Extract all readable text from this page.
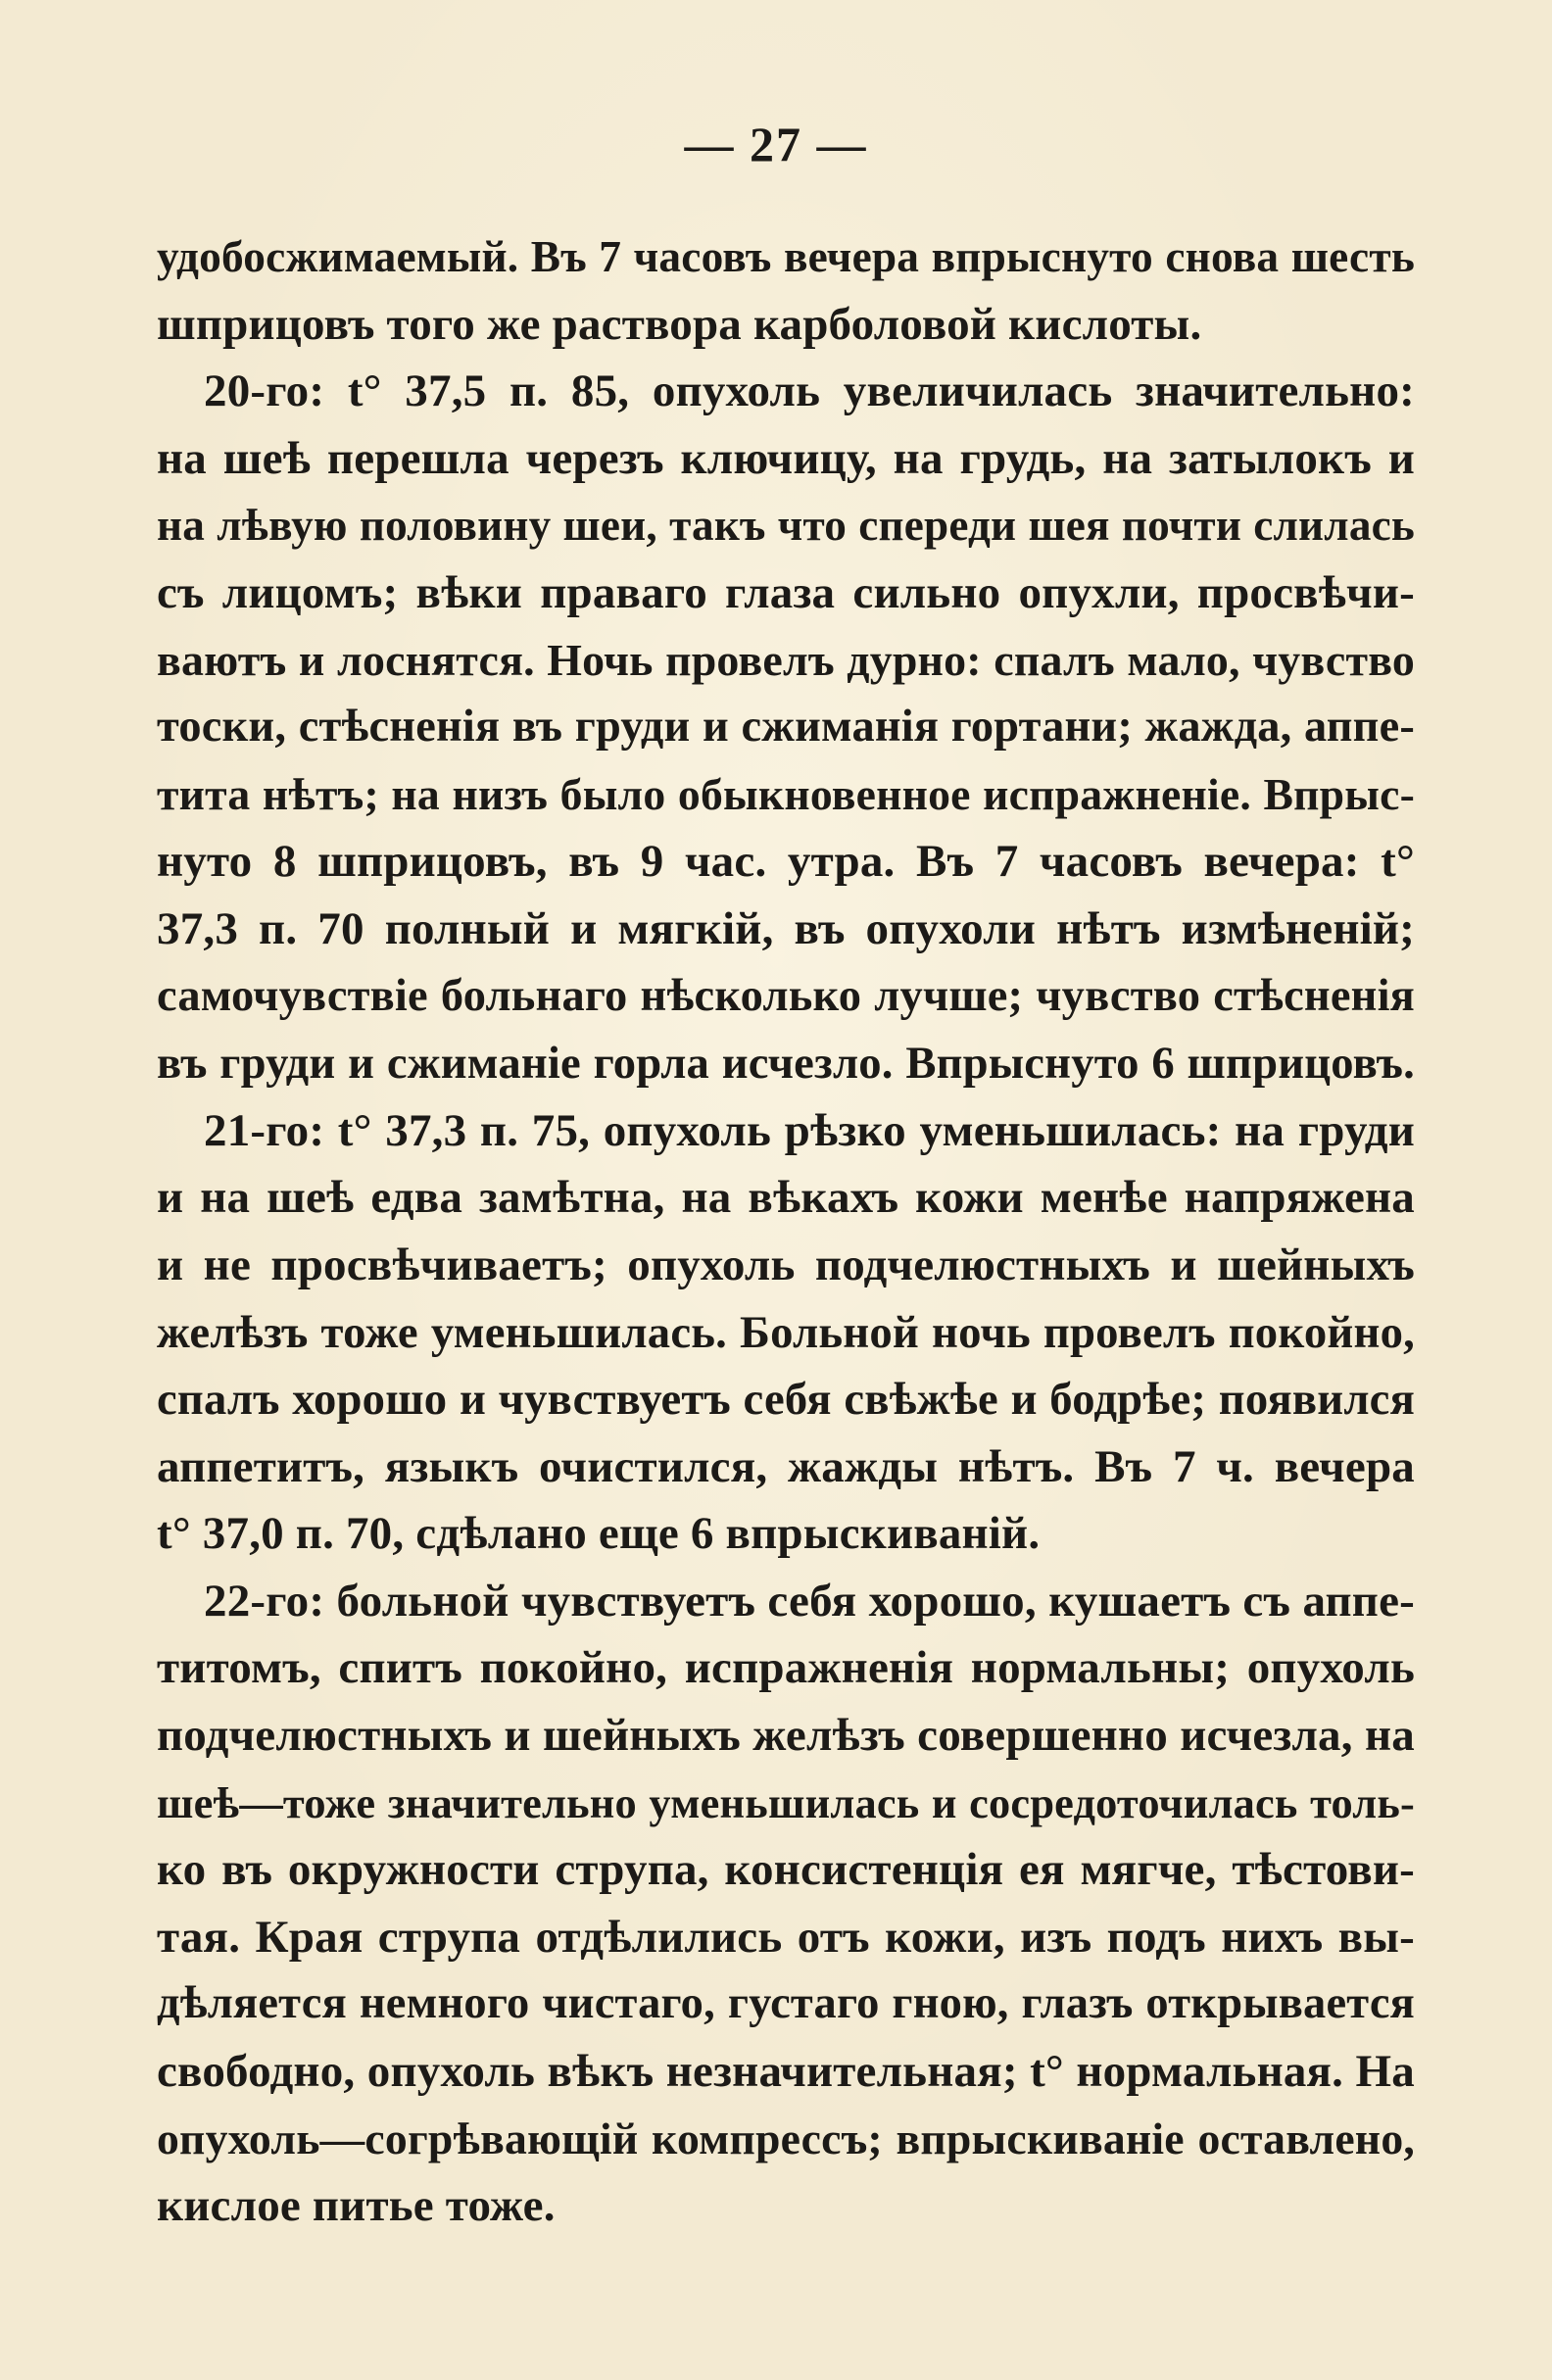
— 27 —
удобосжимаемый. Въ 7 часовъ вечера впрыснуто снова шесть
шприцовъ того же раствора карболовой кислоты.
20-го: t° 37,5 п. 85, опухоль увеличилась значительно:
на шеѣ перешла черезъ ключицу, на грудь, на затылокъ и
на лѣвую половину шеи, такъ что спереди шея почти слилась
съ лицомъ; вѣки праваго глаза сильно опухли, просвѣчи-
ваютъ и лоснятся. Ночь провелъ дурно: спалъ мало, чувство
тоски, стѣсненія въ груди и сжиманія гортани; жажда, аппе-
тита нѣтъ; на низъ было обыкновенное испражненіе. Впрыс-
нуто 8 шприцовъ, въ 9 час. утра. Въ 7 часовъ вечера: t°
37,3 п. 70 полный и мягкій, въ опухоли нѣтъ измѣненій;
самочувствіе больнаго нѣсколько лучше; чувство стѣсненія
въ груди и сжиманіе горла исчезло. Впрыснуто 6 шприцовъ.
21-го: t° 37,3 п. 75, опухоль рѣзко уменьшилась: на груди
и на шеѣ едва замѣтна, на вѣкахъ кожи менѣе напряжена
и не просвѣчиваетъ; опухоль подчелюстныхъ и шейныхъ
желѣзъ тоже уменьшилась. Больной ночь провелъ покойно,
спалъ хорошо и чувствуетъ себя свѣжѣе и бодрѣе; появился
аппетитъ, языкъ очистился, жажды нѣтъ. Въ 7 ч. вечера
t° 37,0 п. 70, сдѣлано еще 6 впрыскиваній.
22-го: больной чувствуетъ себя хорошо, кушаетъ съ аппе-
титомъ, спитъ покойно, испражненія нормальны; опухоль
подчелюстныхъ и шейныхъ желѣзъ совершенно исчезла, на
шеѣ—тоже значительно уменьшилась и сосредоточилась толь-
ко въ окружности струпа, консистенція ея мягче, тѣстови-
тая. Края струпа отдѣлились отъ кожи, изъ подъ нихъ вы-
дѣляется немного чистаго, густаго гною, глазъ открывается
свободно, опухоль вѣкъ незначительная; t° нормальная. На
опухоль—согрѣвающій компрессъ; впрыскиваніе оставлено,
кислое питье тоже.
